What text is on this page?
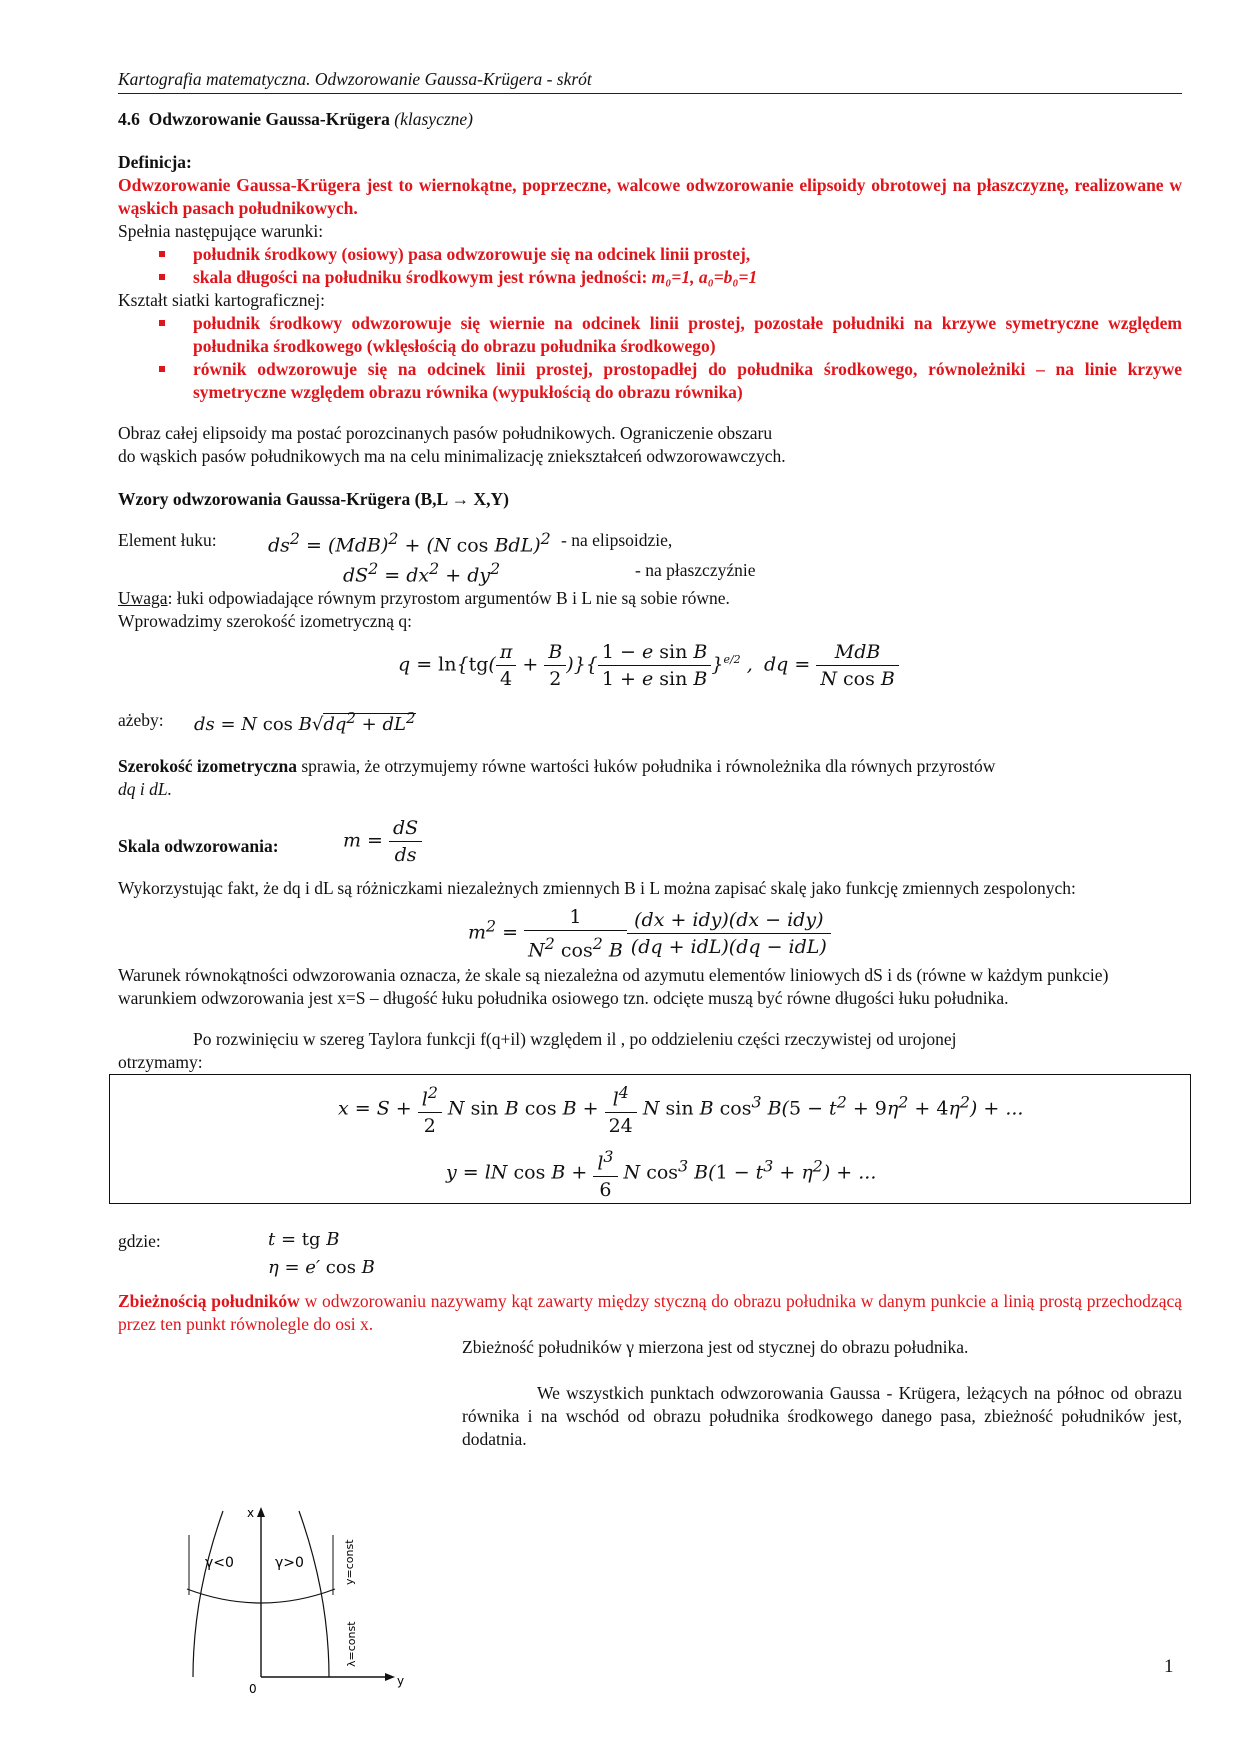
Kartografia matematyczna. Odwzorowanie Gaussa-Krügera - skrót

4.6 Odwzorowanie Gaussa-Krügera (klasyczne)

Definicja:

Odwzorowanie Gaussa-Krügera jest to wiernokątne, poprzeczne, walcowe odwzorowanie elipsoidy obrotowej na płaszczyznę, realizowane w wąskich pasach południkowych.

Spełnia następujące warunki:

południk środkowy (osiowy) pasa odwzorowuje się na odcinek linii prostej,
skala długości na południku środkowym jest równa jedności: m₀=1, a₀=b₀=1

Kształt siatki kartograficznej:

południk środkowy odwzorowuje się wiernie na odcinek linii prostej, pozostałe południki na krzywe symetryczne względem południka środkowego (wklęsłością do obrazu południka środkowego)
równik odwzorowuje się na odcinek linii prostej, prostopadłej do południka środkowego, równoleżniki – na linie krzywe symetryczne względem obrazu równika (wypukłością do obrazu równika)

Obraz całej elipsoidy ma postać porozcinanych pasów południkowych. Ograniczenie obszaru

do wąskich pasów południkowych ma na celu minimalizację zniekształceń odwzorowawczych.

Wzory odwzorowania Gaussa-Krügera (B,L → X,Y)

Element łuku:	$ds^2 = (MdB)^2 + (N$ cos BdL)$^2$ - na elipsoidzie,
$dS^2 = dx^2 + dy^2$	- na płaszczyźnie

Uwaga: łuki odpowiadające równym przyrostom argumentów B i L nie są sobie równe.

Wprowadzimy szerokość izometryczną q:

$q = \ln\{tg( \frac{\pi}{4} + \frac{B}{2}$ )}{ $\frac{\text{1 − e sin B}}{\text{1 + e sin B}} \}^{e/2}$ , dq = $\frac{\text{MdB}}{\text{N cos B}}$
ażeby: ds = N $\cos B√dq^2 + dL^2$

Szerokość izometryczna sprawia, że otrzymujemy równe wartości łuków południka i równoleżnika dla równych przyrostów

dq i dL.

Skala odwzorowania:	$m = \frac{dS}{ds}$

Wykorzystując fakt, że dq i dL są różniczkami niezależnych zmiennych B i L można zapisać skalę jako funkcję zmiennych zespolonych:

$m^2 = \frac{1}{N^2 \cos^2 B} \frac{\text{(dx + idy)(dx − idy)}}{\text{(dq + idL)(dq − idL)}}$

Warunek równokątności odwzorowania oznacza, że skale są niezależna od azymutu elementów liniowych dS i ds (równe w każdym punkcie)

warunkiem odwzorowania jest x=S – długość łuku południka osiowego tzn. odcięte muszą być równe długości łuku południka.

Po rozwinięciu w szereg Taylora funkcji f(q+il) względem il , po oddzieleniu części rzeczywistej od urojonej

otrzymamy:

$x = S + \frac{l^2}{2}$ N sin B $\cos B + \frac{l^4}{24}$ N sin B $\cos^3 B(5 - t^2 + 9\eta^2 + 4\eta^2)$ + ...
y = lN $\cos B + \frac{l^3}{6}$ N $\cos^3 B(1 - t^3 + \eta^2)$ + ...
gdzie:	t = tg B
η = e′ cos B

Zbieżnością południków w odwzorowaniu nazywamy kąt zawarty między styczną do obrazu południka w danym punkcie a linią prostą przechodzącą przez ten punkt równolegle do osi x.

Zbieżność południków γ mierzona jest od stycznej do obrazu południka.

We wszystkich punktach odwzorowania Gaussa - Krügera, leżących na północ od obrazu równika i na wschód od obrazu południka środkowego danego pasa, zbieżność południków jest, dodatnia.

x
y
0
γ<0	γ>0	y=const
λ=const	1
